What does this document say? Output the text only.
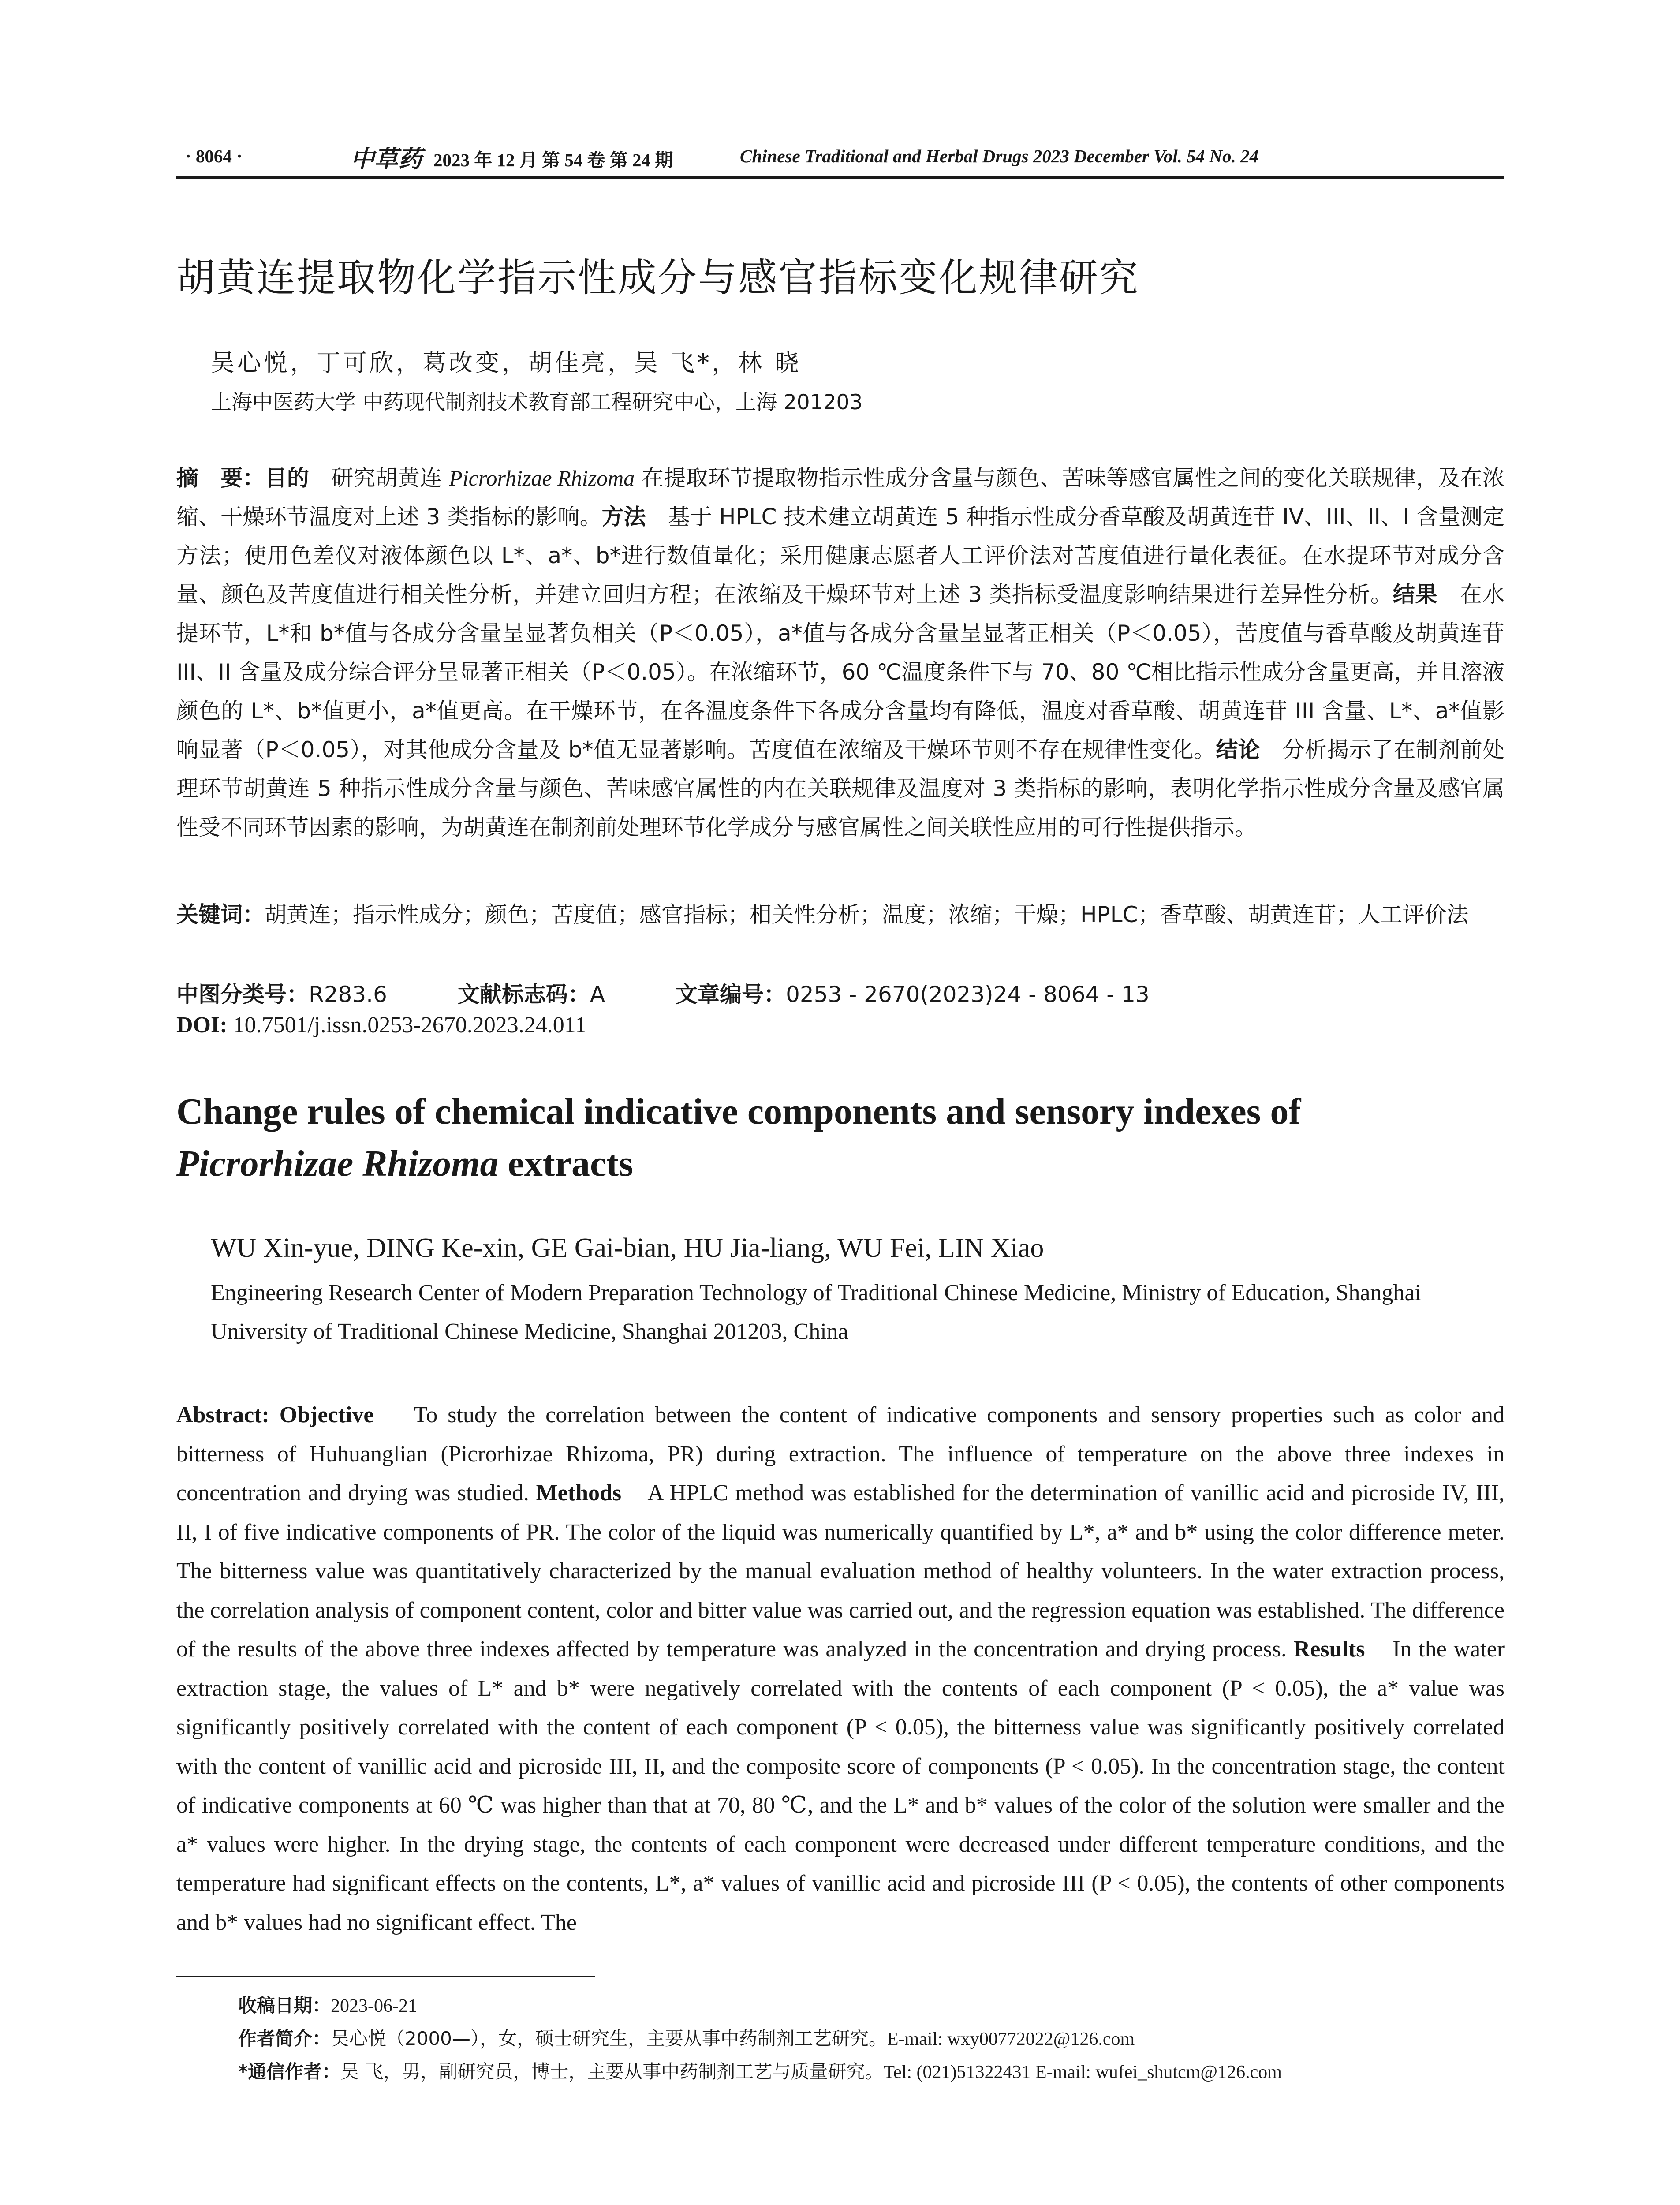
· 8064 ·	中草药 2023 年 12 月 第 54 卷 第 24 期	Chinese Traditional and Herbal Drugs 2023 December Vol. 54 No. 24
胡黄连提取物化学指示性成分与感官指标变化规律研究
吴心悦，丁可欣，葛改变，胡佳亮，吴 飞*，林 晓
上海中医药大学 中药现代制剂技术教育部工程研究中心，上海 201203
摘　要：目的　 研究胡黄连 Picrorhizae Rhizoma 在提取环节提取物指示性成分含量与颜色、苦味等感官属性之间的变化关联规律，及在浓缩、干燥环节温度对上述 3 类指标的影响。方法　 基于 HPLC 技术建立胡黄连 5 种指示性成分香草酸及胡黄连苷 IV、III、II、I 含量测定方法；使用色差仪对液体颜色以 L*、a*、b*进行数值量化；采用健康志愿者人工评价法对苦度值进行量化表征。在水提环节对成分含量、颜色及苦度值进行相关性分析，并建立回归方程；在浓缩及干燥环节对上述 3 类指标受温度影响结果进行差异性分析。结果　 在水提环节，L*和 b*值与各成分含量呈显著负相关（P＜0.05），a*值与各成分含量呈显著正相关（P＜0.05），苦度值与香草酸及胡黄连苷 III、II 含量及成分综合评分呈显著正相关（P＜0.05）。在浓缩环节，60 ℃温度条件下与 70、80 ℃相比指示性成分含量更高，并且溶液颜色的 L*、b*值更小，a*值更高。在干燥环节，在各温度条件下各成分含量均有降低，温度对香草酸、胡黄连苷 III 含量、L*、a*值影响显著（P＜0.05），对其他成分含量及 b*值无显著影响。苦度值在浓缩及干燥环节则不存在规律性变化。结论　 分析揭示了在制剂前处理环节胡黄连 5 种指示性成分含量与颜色、苦味感官属性的内在关联规律及温度对 3 类指标的影响，表明化学指示性成分含量及感官属性受不同环节因素的影响，为胡黄连在制剂前处理环节化学成分与感官属性之间关联性应用的可行性提供指示。
关键词：胡黄连；指示性成分；颜色；苦度值；感官指标；相关性分析；温度；浓缩；干燥；HPLC；香草酸、胡黄连苷；人工评价法
中图分类号：R283.6	文献标志码：A	文章编号：0253 - 2670(2023)24 - 8064 - 13
DOI: 10.7501/j.issn.0253-2670.2023.24.011
Change rules of chemical indicative components and sensory indexes of
Picrorhizae Rhizoma extracts
WU Xin-yue, DING Ke-xin, GE Gai-bian, HU Jia-liang, WU Fei, LIN Xiao
Engineering Research Center of Modern Preparation Technology of Traditional Chinese Medicine, Ministry of Education, Shanghai University of Traditional Chinese Medicine, Shanghai 201203, China
Abstract: Objective To study the correlation between the content of indicative components and sensory properties such as color and bitterness of Huhuanglian (Picrorhizae Rhizoma, PR) during extraction. The influence of temperature on the above three indexes in concentration and drying was studied. Methods A HPLC method was established for the determination of vanillic acid and picroside IV, III, II, I of five indicative components of PR. The color of the liquid was numerically quantified by L*, a* and b* using the color difference meter. The bitterness value was quantitatively characterized by the manual evaluation method of healthy volunteers. In the water extraction process, the correlation analysis of component content, color and bitter value was carried out, and the regression equation was established. The difference of the results of the above three indexes affected by temperature was analyzed in the concentration and drying process. Results In the water extraction stage, the values of L* and b* were negatively correlated with the contents of each component (P < 0.05), the a* value was significantly positively correlated with the content of each component (P < 0.05), the bitterness value was significantly positively correlated with the content of vanillic acid and picroside III, II, and the composite score of components (P < 0.05). In the concentration stage, the content of indicative components at 60 ℃ was higher than that at 70, 80 ℃, and the L* and b* values of the color of the solution were smaller and the a* values were higher. In the drying stage, the contents of each component were decreased under different temperature conditions, and the temperature had significant effects on the contents, L*, a* values of vanillic acid and picroside III (P < 0.05), the contents of other components and b* values had no significant effect. The
收稿日期：2023-06-21
作者简介：吴心悦（2000—），女，硕士研究生，主要从事中药制剂工艺研究。E-mail: wxy00772022@126.com
*通信作者：吴 飞，男，副研究员，博士，主要从事中药制剂工艺与质量研究。Tel: (021)51322431 E-mail: wufei_shutcm@126.com
